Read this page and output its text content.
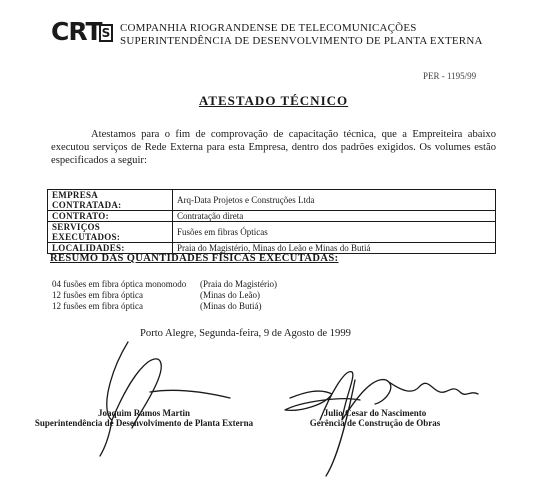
CRT S COMPANHIA RIOGRANDENSE DE TELECOMUNICAÇÕES
SUPERINTENDÊNCIA DE DESENVOLVIMENTO DE PLANTA EXTERNA
PER - 1195/99
ATESTADO TÉCNICO
Atestamos para o fim de comprovação de capacitação técnica, que a Empreiteira abaixo executou serviços de Rede Externa para esta Empresa, dentro dos padrões exigidos. Os volumes estão especificados a seguir:
EMPRESA CONTRATADA:	Arq-Data Projetos e Construções Ltda
CONTRATO:	Contratação direta
SERVIÇOS EXECUTADOS:	Fusões em fibras Ópticas
LOCALIDADES:	Praia do Magistério, Minas do Leão e Minas do Butiá
RESUMO DAS QUANTIDADES FÍSICAS EXECUTADAS:
04 fusões em fibra óptica monomodo (Praia do Magistério)
12 fusões em fibra óptica	(Minas do Leão)
12 fusões em fibra óptica	(Minas do Butiá)
Porto Alegre, Segunda-feira, 9 de Agosto de 1999
Joaquim Ramos Martin
Superintendência de Desenvolvimento de Planta Externa
Julio Cesar do Nascimento
Gerência de Construção de Obras
